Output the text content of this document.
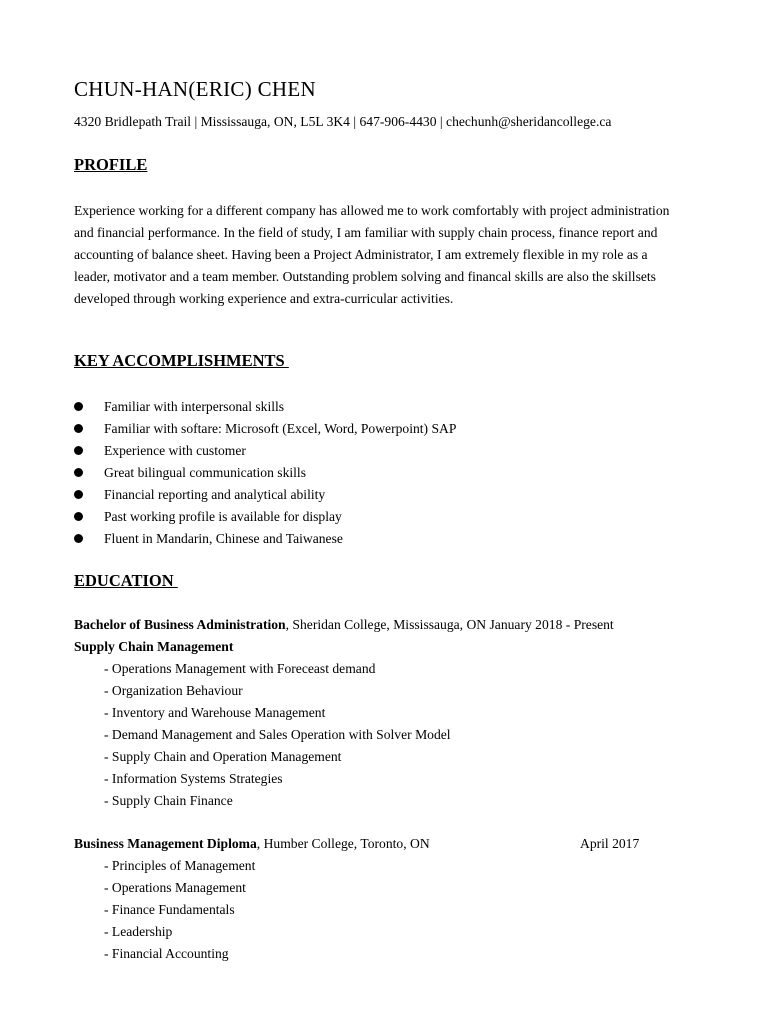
CHUN-HAN(ERIC) CHEN
4320 Bridlepath Trail | Mississauga, ON, L5L 3K4 | 647-906-4430 | chechunh@sheridancollege.ca
PROFILE
Experience working for a different company has allowed me to work comfortably with project administration and financial performance. In the field of study, I am familiar with supply chain process, finance report and accounting of balance sheet. Having been a Project Administrator, I am extremely flexible in my role as a leader, motivator and a team member. Outstanding problem solving and financal skills are also the skillsets developed through working experience and extra-curricular activities.
KEY ACCOMPLISHMENTS
Familiar with interpersonal skills
Familiar with softare: Microsoft (Excel, Word, Powerpoint) SAP
Experience with customer
Great bilingual communication skills
Financial reporting and analytical ability
Past working profile is available for display
Fluent in Mandarin, Chinese and Taiwanese
EDUCATION
Bachelor of Business Administration, Sheridan College, Mississauga, ON January 2018 - Present
Supply Chain Management
- Operations Management with Foreceast demand
- Organization Behaviour
- Inventory and Warehouse Management
- Demand Management and Sales Operation with Solver Model
- Supply Chain and Operation Management
- Information Systems Strategies
- Supply Chain Finance
Business Management Diploma, Humber College, Toronto, ON	April 2017
- Principles of Management
- Operations Management
- Finance Fundamentals
- Leadership
- Financial Accounting
